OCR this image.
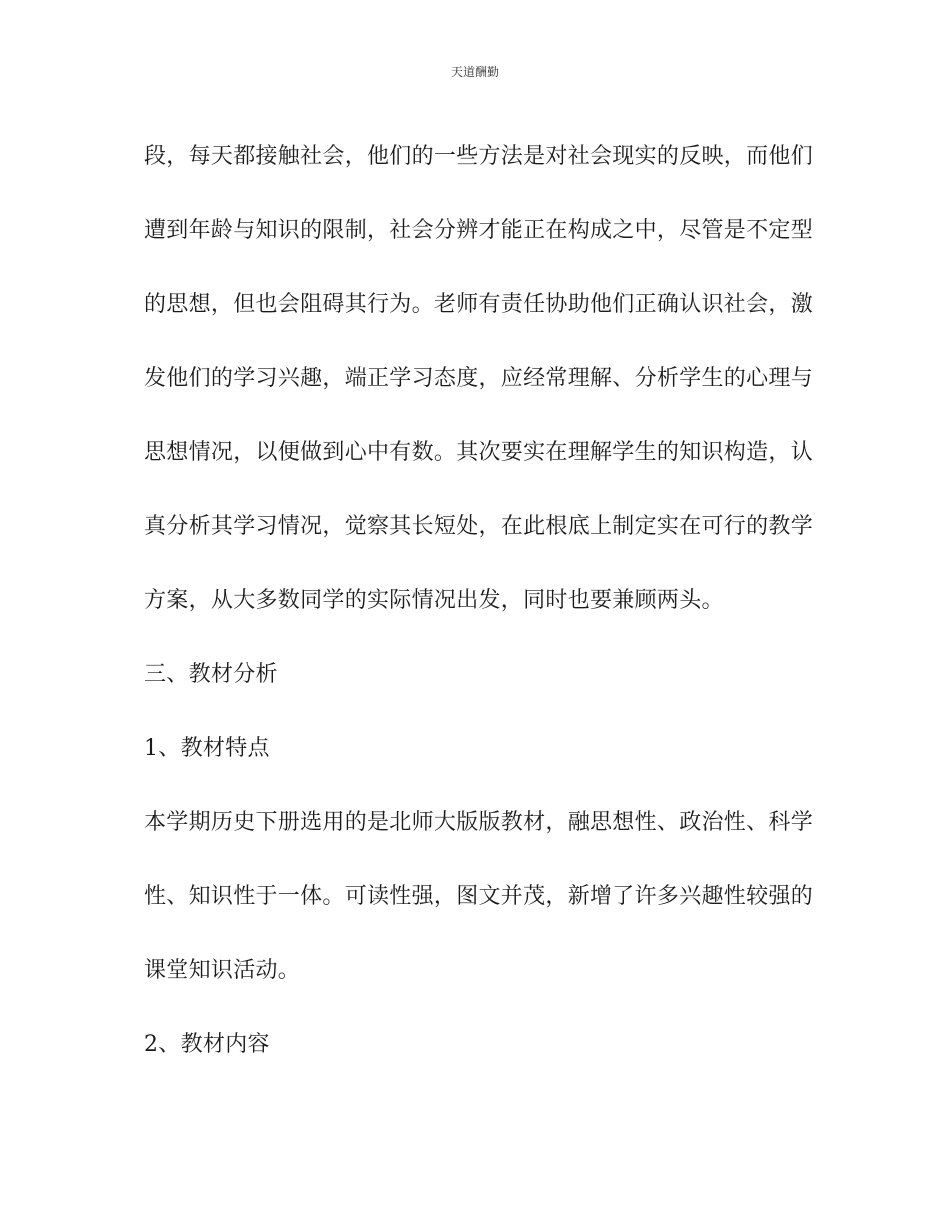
天道酬勤
段，每天都接触社会，他们的一些方法是对社会现实的反映，而他们
遭到年龄与知识的限制，社会分辨才能正在构成之中，尽管是不定型
的思想，但也会阻碍其行为。老师有责任协助他们正确认识社会，激
发他们的学习兴趣，端正学习态度，应经常理解、分析学生的心理与
思想情况，以便做到心中有数。其次要实在理解学生的知识构造，认
真分析其学习情况，觉察其长短处，在此根底上制定实在可行的教学
方案，从大多数同学的实际情况出发，同时也要兼顾两头。
三、教材分析
1、教材特点
本学期历史下册选用的是北师大版版教材，融思想性、政治性、科学
性、知识性于一体。可读性强，图文并茂，新增了许多兴趣性较强的
课堂知识活动。
2、教材内容
